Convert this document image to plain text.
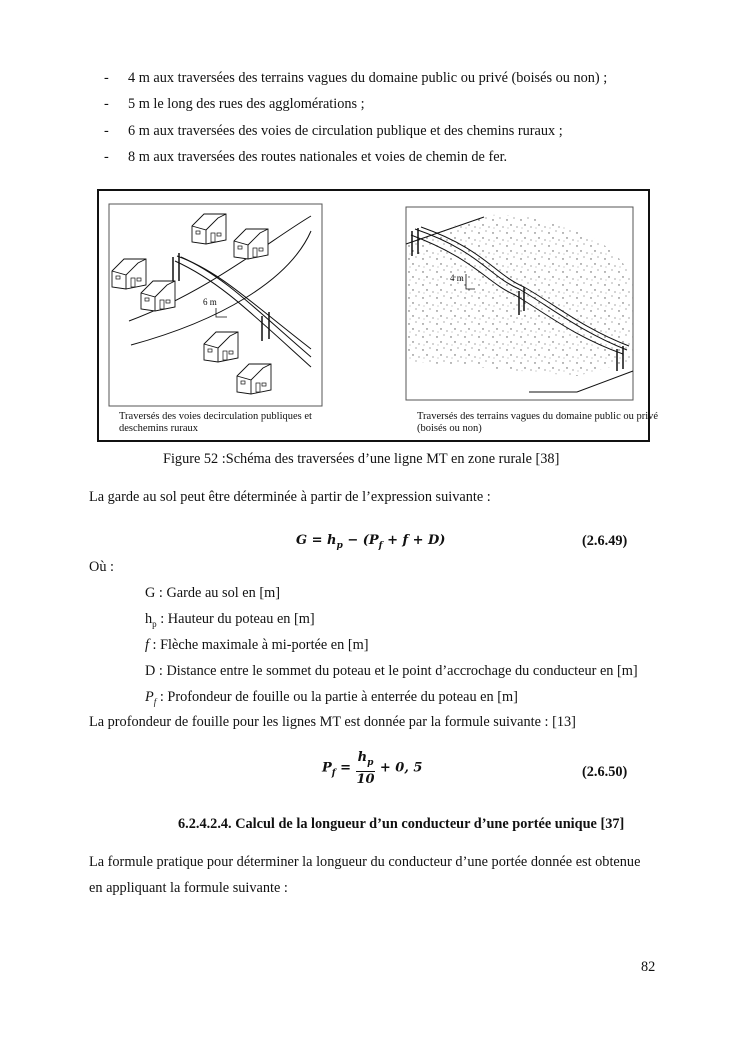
- 4 m aux traversées des terrains vagues du domaine public ou privé (boisés ou non) ;
- 5 m le long des rues des agglomérations ;
- 6 m aux traversées des voies de circulation publique et des chemins ruraux ;
- 8 m aux traversées des routes nationales et voies de chemin de fer.
6 m
4 m
Traversés des voies decirculation publiques et
deschemins ruraux
Traversés des terrains vagues du domaine public ou privé
(boisés ou non)
Figure 52 :Schéma des traversées d’une ligne MT en zone rurale [38]
La garde au sol peut être déterminée à partir de l’expression suivante :
$G = h_p - (P_f + f + D)$	(2.6.49)
Où :
G : Garde au sol en [m]
$h_p$ : Hauteur du poteau en [m]
f : Flèche maximale à mi-portée en [m]
D : Distance entre le sommet du poteau et le point d’accrochage du conducteur en [m]
$P_f$ : Profondeur de fouille ou la partie à enterrée du poteau en [m]
La profondeur de fouille pour les lignes MT est donnée par la formule suivante : [13]
$P_f = \frac{h_p}{10} + 0$, 5	(2.6.50)
6.2.4.2.4. Calcul de la longueur d’un conducteur d’une portée unique [37]
La formule pratique pour déterminer la longueur du conducteur d’une portée donnée est obtenue
en appliquant la formule suivante :
82
